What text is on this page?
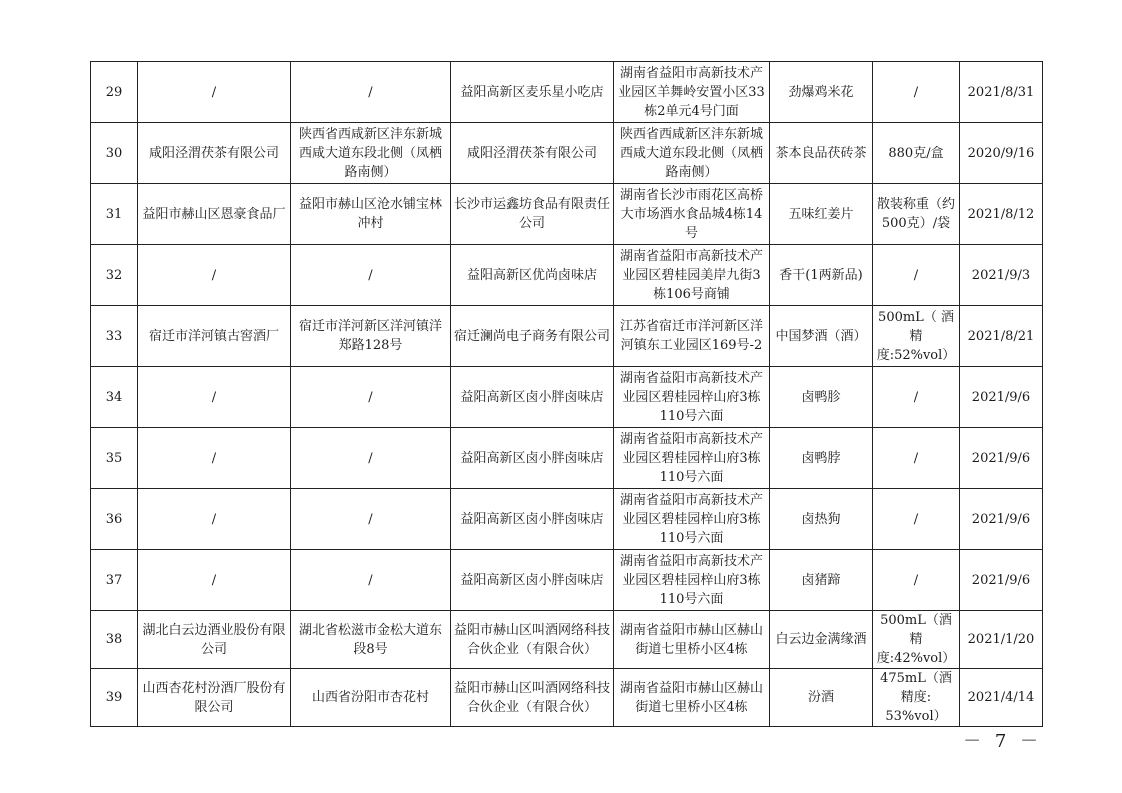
29	/	/	益阳高新区麦乐星小吃店	湖南省益阳市高新技术产业园区羊舞岭安置小区33栋2单元4号门面	劲爆鸡米花	/	2021/8/31
30	咸阳泾渭茯茶有限公司	陕西省西咸新区沣东新城西咸大道东段北侧（凤栖路南侧）	咸阳泾渭茯茶有限公司	陕西省西咸新区沣东新城西咸大道东段北侧（凤栖路南侧）	茶本良品茯砖茶	880克/盒	2020/9/16
31	益阳市赫山区恩豪食品厂	益阳市赫山区沧水铺宝林冲村	长沙市运鑫坊食品有限责任公司	湖南省长沙市雨花区高桥大市场酒水食品城4栋14号	五味红姜片	散装称重（约500克）/袋	2021/8/12
32	/	/	益阳高新区优尚卤味店	湖南省益阳市高新技术产业园区碧桂园美岸九街3栋106号商铺	香干(1两新品)	/	2021/9/3
33	宿迁市洋河镇古窖酒厂	宿迁市洋河新区洋河镇洋郑路128号	宿迁澜尚电子商务有限公司	江苏省宿迁市洋河新区洋河镇东工业园区169号-2	中国梦酒（酒）	500mL（ 酒精度:52%vol）	2021/8/21
34	/	/	益阳高新区卤小胖卤味店	湖南省益阳市高新技术产业园区碧桂园梓山府3栋110号六面	卤鸭胗	/	2021/9/6
35	/	/	益阳高新区卤小胖卤味店	湖南省益阳市高新技术产业园区碧桂园梓山府3栋110号六面	卤鸭脖	/	2021/9/6
36	/	/	益阳高新区卤小胖卤味店	湖南省益阳市高新技术产业园区碧桂园梓山府3栋110号六面	卤热狗	/	2021/9/6
37	/	/	益阳高新区卤小胖卤味店	湖南省益阳市高新技术产业园区碧桂园梓山府3栋110号六面	卤猪蹄	/	2021/9/6
38	湖北白云边酒业股份有限公司	湖北省松滋市金松大道东段8号	益阳市赫山区叫酒网络科技合伙企业（有限合伙）	湖南省益阳市赫山区赫山街道七里桥小区4栋	白云边金满缘酒	500mL（酒精度:42%vol）	2021/1/20
39	山西杏花村汾酒厂股份有限公司	山西省汾阳市杏花村	益阳市赫山区叫酒网络科技合伙企业（有限合伙）	湖南省益阳市赫山区赫山街道七里桥小区4栋	汾酒	475mL（酒精度: 53%vol）	2021/4/14
－ 7 －
